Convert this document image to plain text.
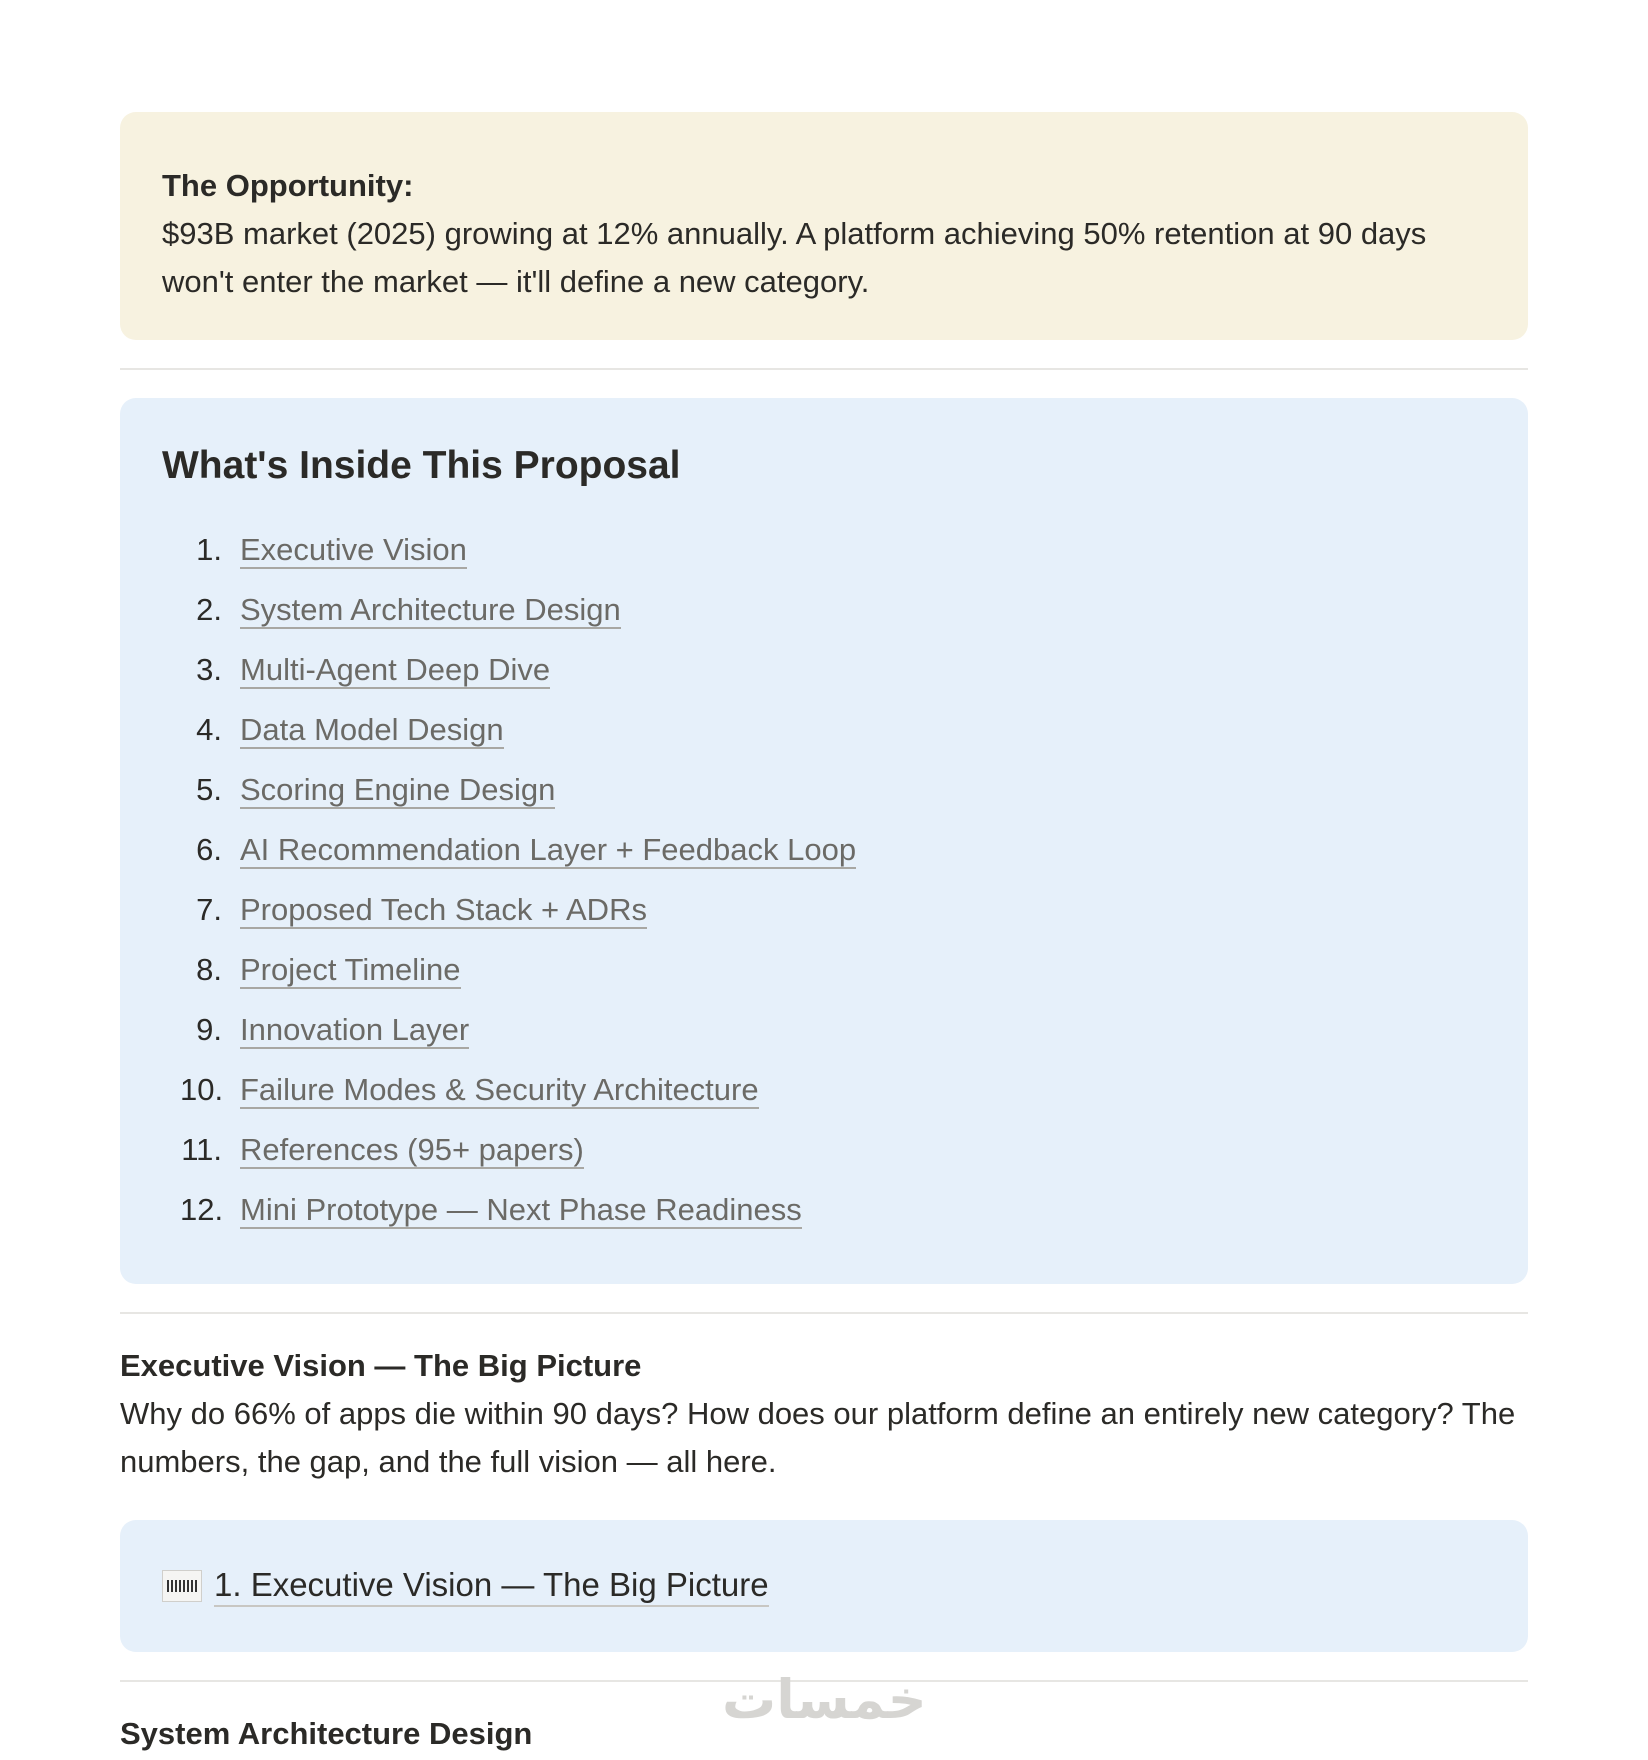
The Opportunity:

$93B market (2025) growing at 12% annually. A platform achieving 50% retention at 90 days won't enter the market — it'll define a new category.

What's Inside This Proposal
1. Executive Vision
2. System Architecture Design
3. Multi-Agent Deep Dive
4. Data Model Design
5. Scoring Engine Design
6. AI Recommendation Layer + Feedback Loop
7. Proposed Tech Stack + ADRs
8. Project Timeline
9. Innovation Layer
10. Failure Modes & Security Architecture
11. References (95+ papers)
12. Mini Prototype — Next Phase Readiness

Executive Vision — The Big Picture

Why do 66% of apps die within 90 days? How does our platform define an entirely new category? The numbers, the gap, and the full vision — all here.

1. Executive Vision — The Big Picture

System Architecture Design

خمسات
